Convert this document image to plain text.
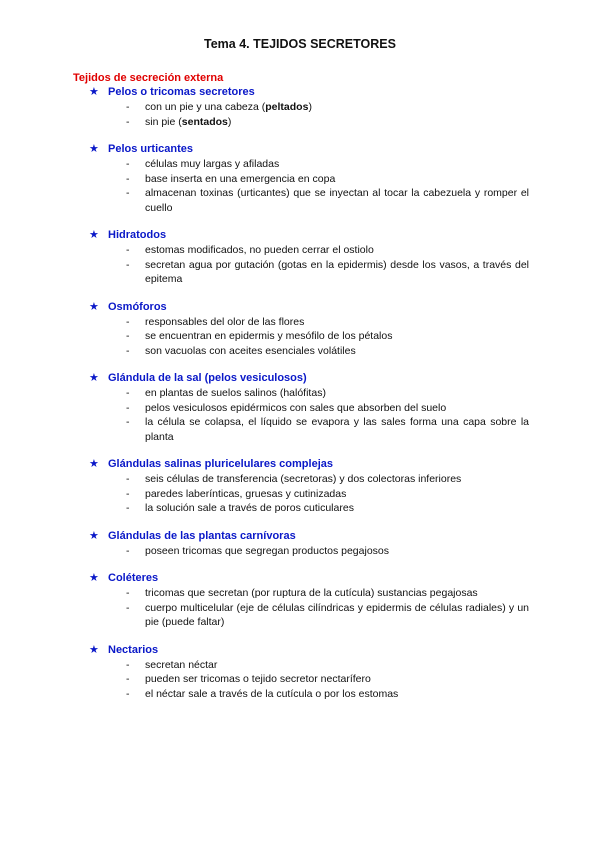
Tema 4. TEJIDOS SECRETORES
Tejidos de secreción externa
★ Pelos o tricomas secretores
- con un pie y una cabeza (peltados)
- sin pie (sentados)
★ Pelos urticantes
- células muy largas y afiladas
- base inserta en una emergencia en copa
- almacenan toxinas (urticantes) que se inyectan al tocar la cabezuela y romper el cuello
★ Hidratodos
- estomas modificados, no pueden cerrar el ostiolo
- secretan agua por gutación (gotas en la epidermis) desde los vasos, a través del epitema
★ Osmóforos
- responsables del olor de las flores
- se encuentran en epidermis y mesófilo de los pétalos
- son vacuolas con aceites esenciales volátiles
★ Glándula de la sal (pelos vesiculosos)
- en plantas de suelos salinos (halófitas)
- pelos vesiculosos epidérmicos con sales que absorben del suelo
- la célula se colapsa, el líquido se evapora y las sales forma una capa sobre la planta
★ Glándulas salinas pluricelulares complejas
- seis células de transferencia (secretoras) y dos colectoras inferiores
- paredes laberínticas, gruesas y cutinizadas
- la solución sale a través de poros cuticulares
★ Glándulas de las plantas carnívoras
- poseen tricomas que segregan productos pegajosos
★ Coléteres
- tricomas que secretan (por ruptura de la cutícula) sustancias pegajosas
- cuerpo multicelular (eje de células cilíndricas y epidermis de células radiales) y un pie (puede faltar)
★ Nectarios
- secretan néctar
- pueden ser tricomas o tejido secretor nectarífero
- el néctar sale a través de la cutícula o por los estomas
